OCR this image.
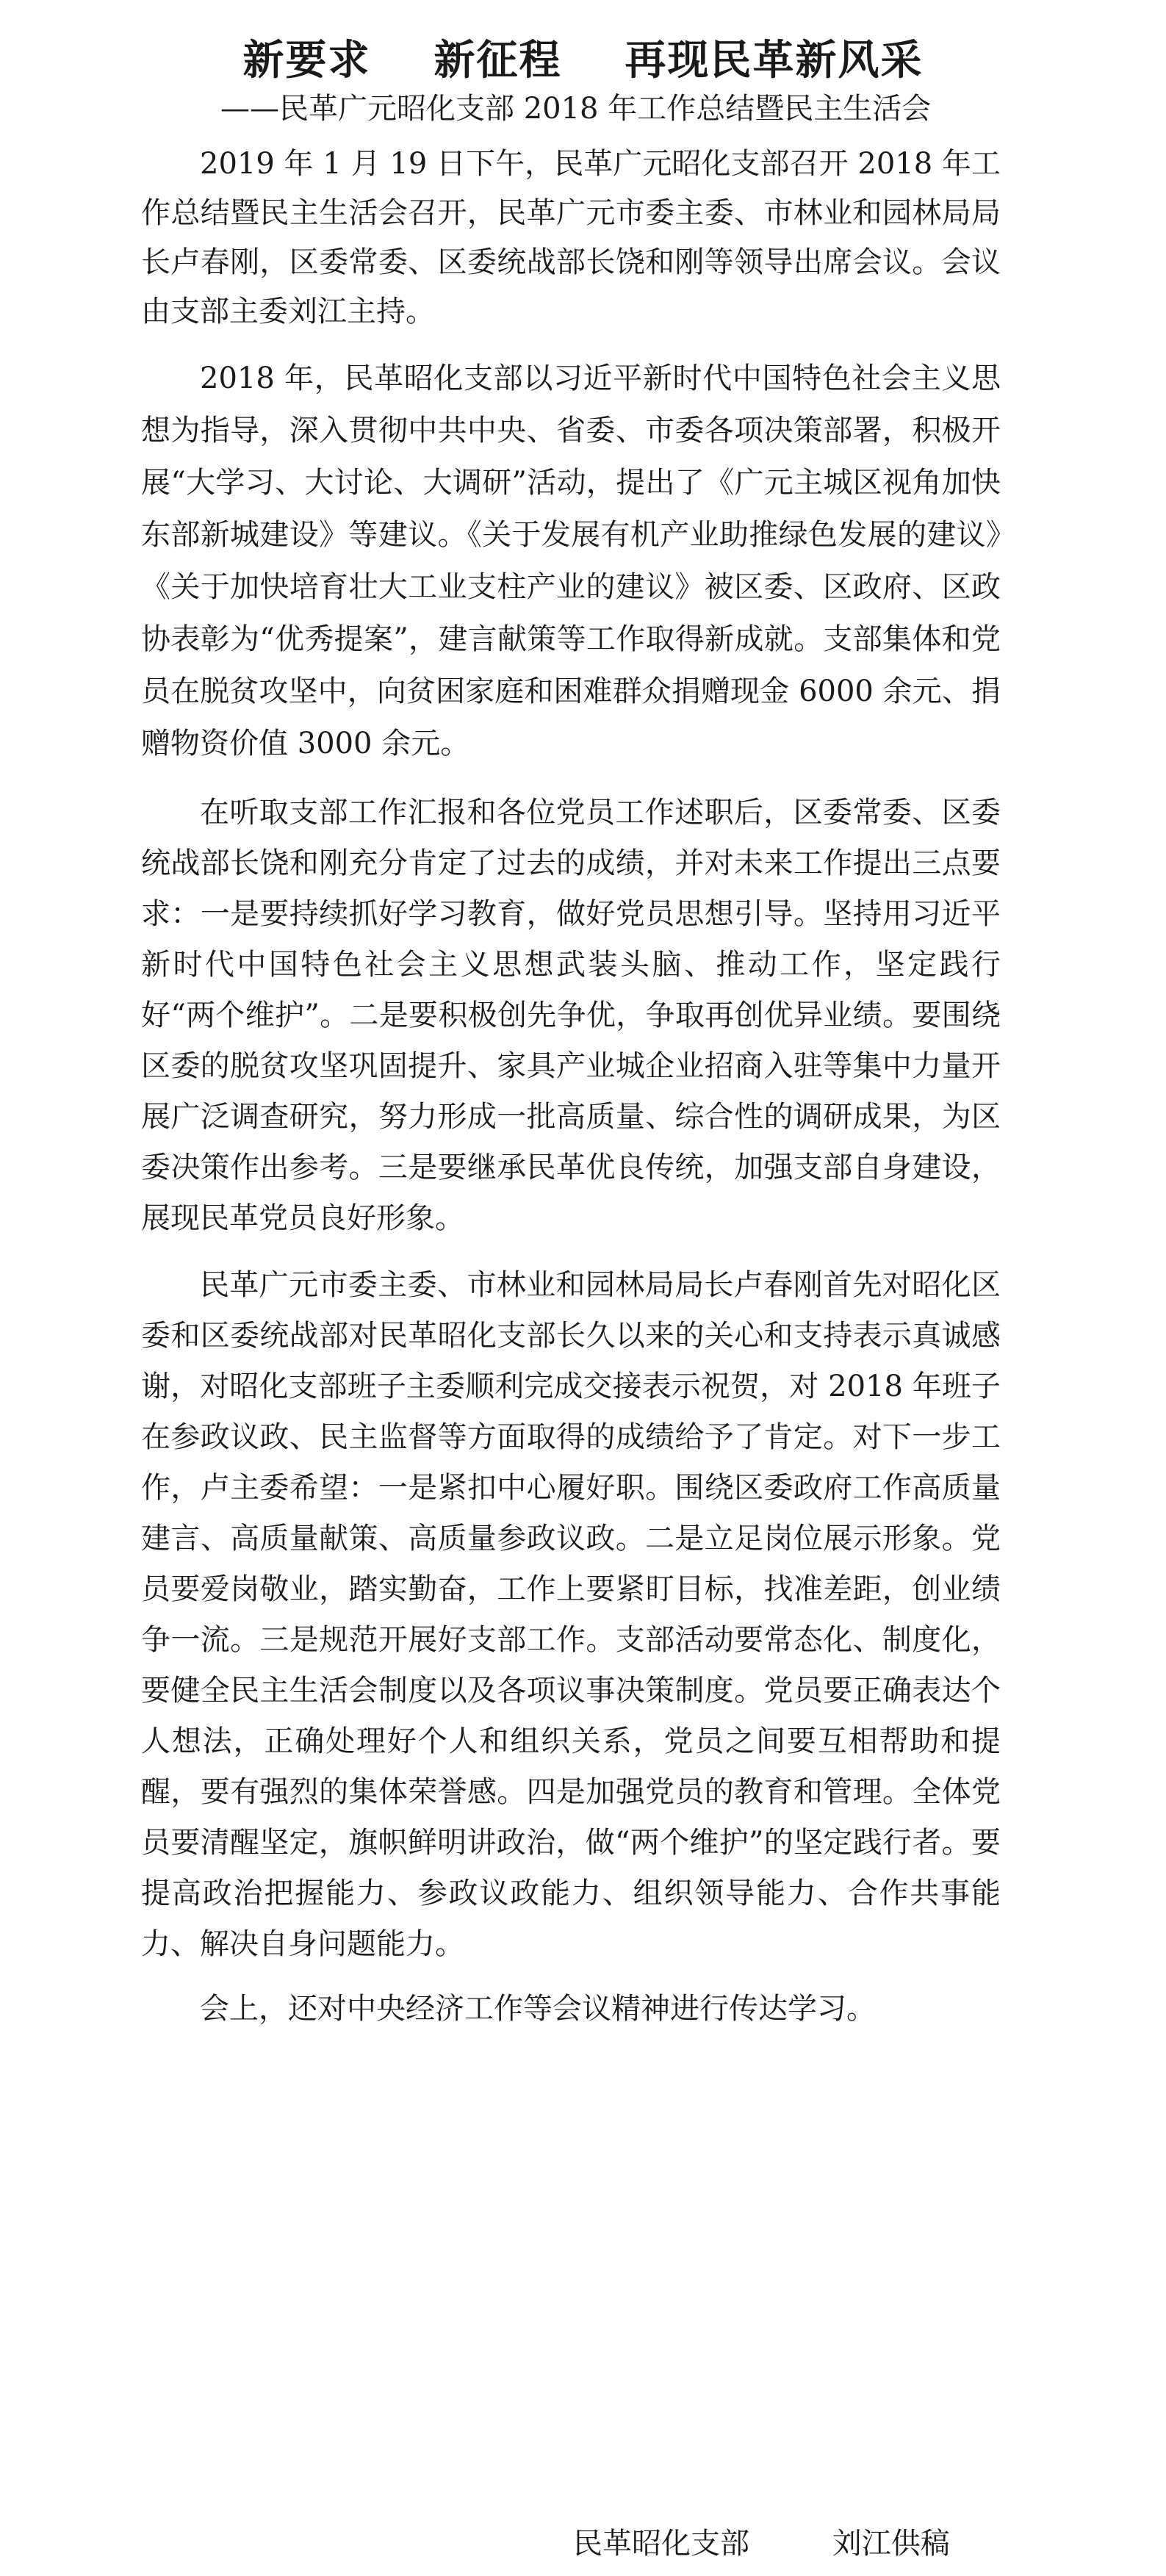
新要求    新征程    再现民革新风采
——民革广元昭化支部 2018 年工作总结暨民主生活会

2019 年 1 月 19 日下午，民革广元昭化支部召开 2018 年工作总结暨民主生活会召开，民革广元市委主委、市林业和园林局局长卢春刚，区委常委、区委统战部长饶和刚等领导出席会议。会议由支部主委刘江主持。

2018 年，民革昭化支部以习近平新时代中国特色社会主义思想为指导，深入贯彻中共中央、省委、市委各项决策部署，积极开展“大学习、大讨论、大调研”活动，提出了《广元主城区视角加快东部新城建设》等建议。《关于发展有机产业助推绿色发展的建议》《关于加快培育壮大工业支柱产业的建议》被区委、区政府、区政协表彰为“优秀提案”，建言献策等工作取得新成就。支部集体和党员在脱贫攻坚中，向贫困家庭和困难群众捐赠现金 6000 余元、捐赠物资价值 3000 余元。

在听取支部工作汇报和各位党员工作述职后，区委常委、区委统战部长饶和刚充分肯定了过去的成绩，并对未来工作提出三点要求：一是要持续抓好学习教育，做好党员思想引导。坚持用习近平新时代中国特色社会主义思想武装头脑、推动工作，坚定践行好“两个维护”。二是要积极创先争优，争取再创优异业绩。要围绕区委的脱贫攻坚巩固提升、家具产业城企业招商入驻等集中力量开展广泛调查研究，努力形成一批高质量、综合性的调研成果，为区委决策作出参考。三是要继承民革优良传统，加强支部自身建设，展现民革党员良好形象。

民革广元市委主委、市林业和园林局局长卢春刚首先对昭化区委和区委统战部对民革昭化支部长久以来的关心和支持表示真诚感谢，对昭化支部班子主委顺利完成交接表示祝贺，对 2018 年班子在参政议政、民主监督等方面取得的成绩给予了肯定。对下一步工作，卢主委希望：一是紧扣中心履好职。围绕区委政府工作高质量建言、高质量献策、高质量参政议政。二是立足岗位展示形象。党员要爱岗敬业，踏实勤奋，工作上要紧盯目标，找准差距，创业绩争一流。三是规范开展好支部工作。支部活动要常态化、制度化，要健全民主生活会制度以及各项议事决策制度。党员要正确表达个人想法，正确处理好个人和组织关系，党员之间要互相帮助和提醒，要有强烈的集体荣誉感。四是加强党员的教育和管理。全体党员要清醒坚定，旗帜鲜明讲政治，做“两个维护”的坚定践行者。要提高政治把握能力、参政议政能力、组织领导能力、合作共事能力、解决自身问题能力。

会上，还对中央经济工作等会议精神进行传达学习。

民革昭化支部	刘江供稿
